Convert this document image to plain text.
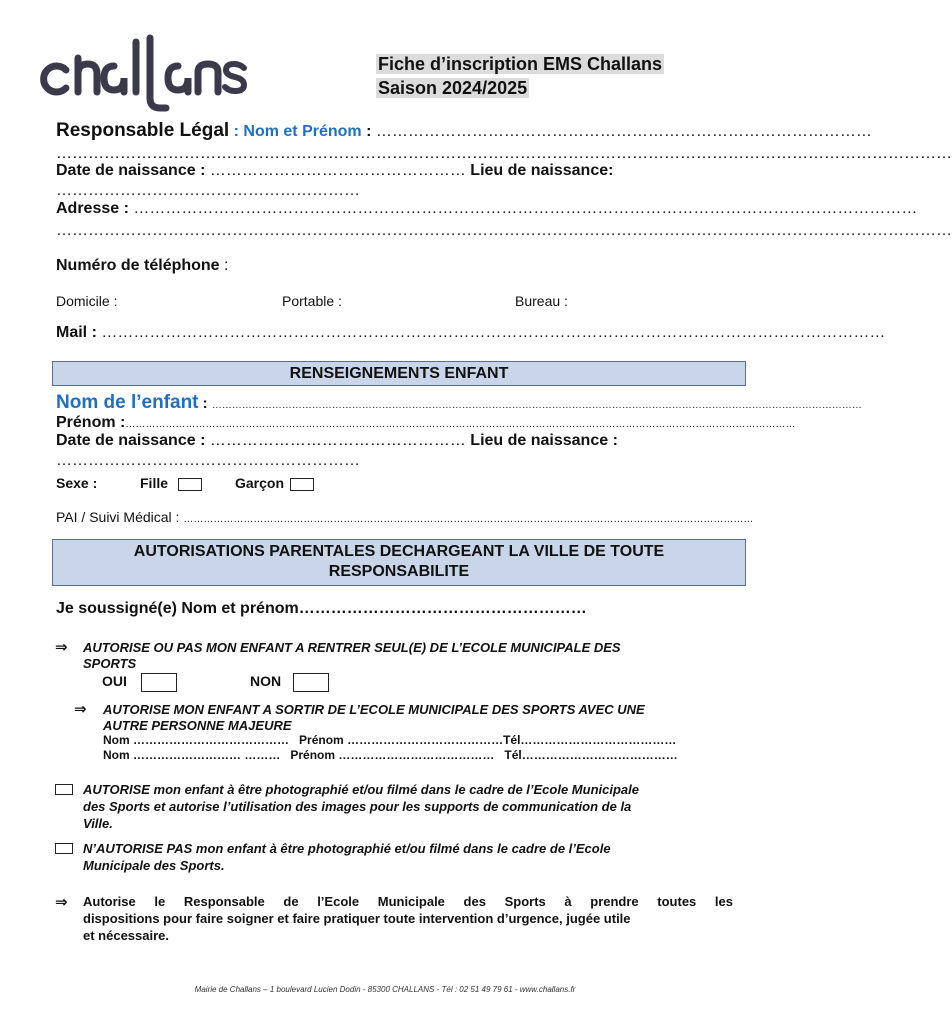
Fiche d’inscription EMS Challans
Saison 2024/2025
Responsable Légal : Nom et Prénom : …………………………………………………………………………………
……………………………………………………………………………………………………………………………………………………
Date de naissance : ………………………………………… Lieu de naissance:
…………………………………………………
Adresse : …………………………………………………………………………………………………………………………………
……………………………………………………………………………………………………………………………………………………
Numéro de téléphone :
Domicile :	Portable :	Bureau :
Mail : …………………………………………………………………………………………………………………………………
RENSEIGNEMENTS ENFANT
Nom de l’enfant : ……………………………………………………………………………………………………………………………………………………………………………
Prénom :…………………………………………………………………………………………………………………………………………………………………………………
Date de naissance : ………………………………………… Lieu de naissance :
…………………………………………………
Sexe :	Fille	Garçon
PAI / Suivi Médical : ………………………………………………………………………………………………………………………………………………………
AUTORISATIONS PARENTALES DECHARGEANT LA VILLE DE TOUTE
RESPONSABILITE
Je soussigné(e) Nom et prénom………………………………………………
⇒ AUTORISE OU PAS MON ENFANT A RENTRER SEUL(E) DE L’ECOLE MUNICIPALE DES
SPORTS
OUI	NON
⇒ AUTORISE MON ENFANT A SORTIR DE L’ECOLE MUNICIPALE DES SPORTS AVEC UNE
AUTRE PERSONNE MAJEURE
Nom ………………………………… Prénom …………………………………Tél…………………………………
Nom ……………………… ……… Prénom ………………………………… Tél…………………………………
AUTORISE mon enfant à être photographié et/ou filmé dans le cadre de l’Ecole Municipale
des Sports et autorise l’utilisation des images pour les supports de communication de la
Ville.
N’AUTORISE PAS mon enfant à être photographié et/ou filmé dans le cadre de l’Ecole
Municipale des Sports.
⇒ Autorise le Responsable de l’Ecole Municipale des Sports à prendre toutes les
dispositions pour faire soigner et faire pratiquer toute intervention d’urgence, jugée utile
et nécessaire.
Mairie de Challans – 1 boulevard Lucien Dodin - 85300 CHALLANS - Tél : 02 51 49 79 61 - www.challans.fr
